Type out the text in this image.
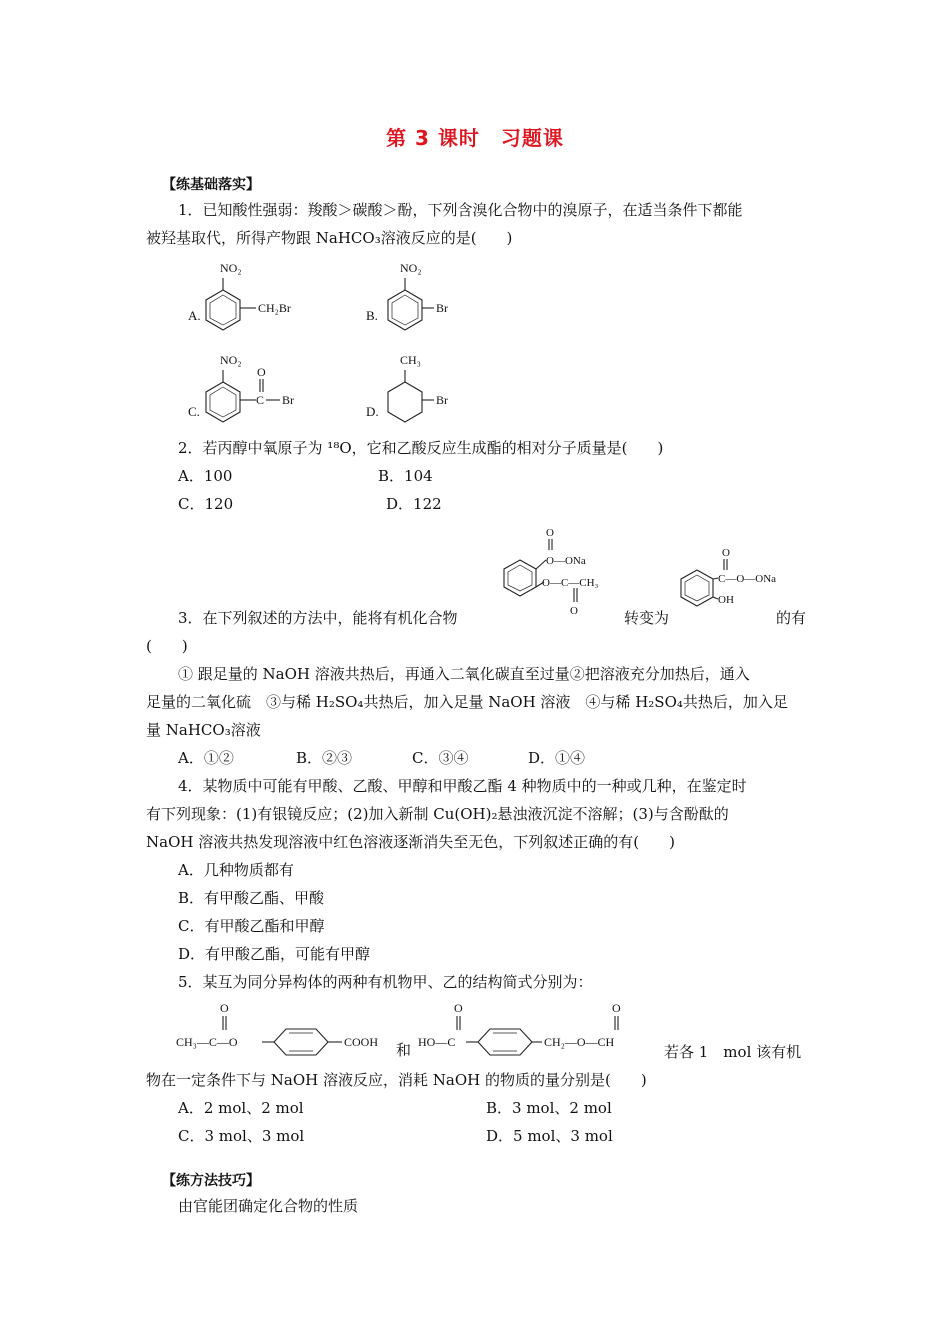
第 3 课时　习题课
【练基础落实】
1．已知酸性强弱：羧酸＞碳酸＞酚，下列含溴化合物中的溴原子，在适当条件下都能
被羟基取代，所得产物跟 NaHCO₃溶液反应的是(　　)
A.
NO₂
CH₂Br	B.
NO₂
Br
C.
NO₂
O
C Br
D.
CH₃
Br
2．若丙醇中氧原子为 ¹⁸O，它和乙酸反应生成酯的相对分子质量是(　　)
A．100	B．104
C．120	D．122
O
O—ONa
O—C—CH₃
O
O
C—O—ONa
OH
3．在下列叙述的方法中，能将有机化合物	转变为	的有
(　　)
① 跟足量的 NaOH 溶液共热后，再通入二氧化碳直至过量②把溶液充分加热后，通入
足量的二氧化硫　③与稀 H₂SO₄共热后，加入足量 NaOH 溶液　④与稀 H₂SO₄共热后，加入足
量 NaHCO₃溶液
A．①②	B．②③	C．③④	D．①④
4．某物质中可能有甲酸、乙酸、甲醇和甲酸乙酯 4 种物质中的一种或几种，在鉴定时
有下列现象：(1)有银镜反应；(2)加入新制 Cu(OH)₂悬浊液沉淀不溶解；(3)与含酚酞的
NaOH 溶液共热发现溶液中红色溶液逐渐消失至无色，下列叙述正确的有(　　)
A．几种物质都有
B．有甲酸乙酯、甲酸
C．有甲酸乙酯和甲醇
D．有甲酸乙酯，可能有甲醇
5．某互为同分异构体的两种有机物甲、乙的结构简式分别为：
O
CH₃—C—O	COOH 和
O
HO—C
O
CH₂—O—CH
若各 1　mol 该有机
物在一定条件下与 NaOH 溶液反应，消耗 NaOH 的物质的量分别是(　　)
A．2 mol、2 mol	B．3 mol、2 mol
C．3 mol、3 mol	D．5 mol、3 mol
【练方法技巧】
由官能团确定化合物的性质
